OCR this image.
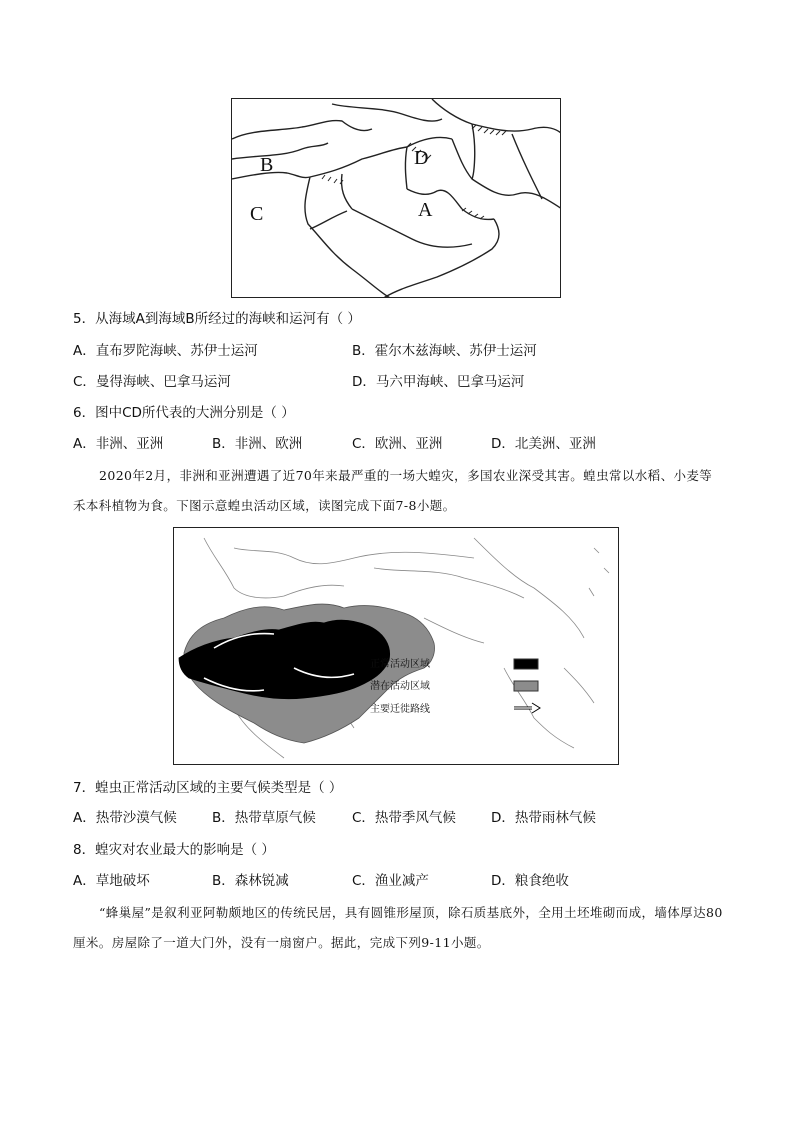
A
B
C
D
5．从海域A到海域B所经过的海峡和运河有（ ）
A．直布罗陀海峡、苏伊士运河	B．霍尔木兹海峡、苏伊士运河
C．曼得海峡、巴拿马运河	D．马六甲海峡、巴拿马运河
6．图中CD所代表的大洲分别是（ ）
A．非洲、亚洲	B．非洲、欧洲	C．欧洲、亚洲	D．北美洲、亚洲
2020年2月，非洲和亚洲遭遇了近70年来最严重的一场大蝗灾，多国农业深受其害。蝗虫常以水稻、小麦等禾本科植物为食。下图示意蝗虫活动区域，读图完成下面7-8小题。
正常活动区域
潜在活动区域
主要迁徙路线
7．蝗虫正常活动区域的主要气候类型是（ ）
A．热带沙漠气候	B．热带草原气候	C．热带季风气候	D．热带雨林气候
8．蝗灾对农业最大的影响是（ ）
A．草地破坏	B．森林锐减	C．渔业减产	D．粮食绝收
“蜂巢屋”是叙利亚阿勒颇地区的传统民居，具有圆锥形屋顶，除石质基底外，全用土坯堆砌而成，墙体厚达80厘米。房屋除了一道大门外，没有一扇窗户。据此，完成下列9-11小题。
